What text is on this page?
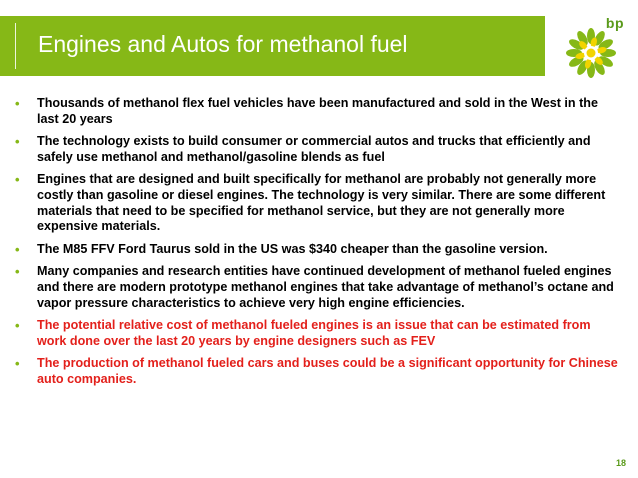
Engines and Autos for methanol fuel
bp
• Thousands of methanol flex fuel vehicles have been manufactured and sold in the West in the last 20 years
• The technology exists to build consumer or commercial autos and trucks that efficiently and safely use methanol and methanol/gasoline blends as fuel
• Engines that are designed and built specifically for methanol are probably not generally more costly than gasoline or diesel engines. The technology is very similar. There are some different materials that need to be specified for methanol service, but they are not generally more expensive materials.
• The M85 FFV Ford Taurus sold in the US was $340 cheaper than the gasoline version.
• Many companies and research entities have continued development of methanol fueled engines and there are modern prototype methanol engines that take advantage of methanol’s octane and vapor pressure characteristics to achieve very high engine efficiencies.
• The potential relative cost of methanol fueled engines is an issue that can be estimated from work done over the last 20 years by engine designers such as FEV
• The production of methanol fueled cars and buses could be a significant opportunity for Chinese auto companies.
18
